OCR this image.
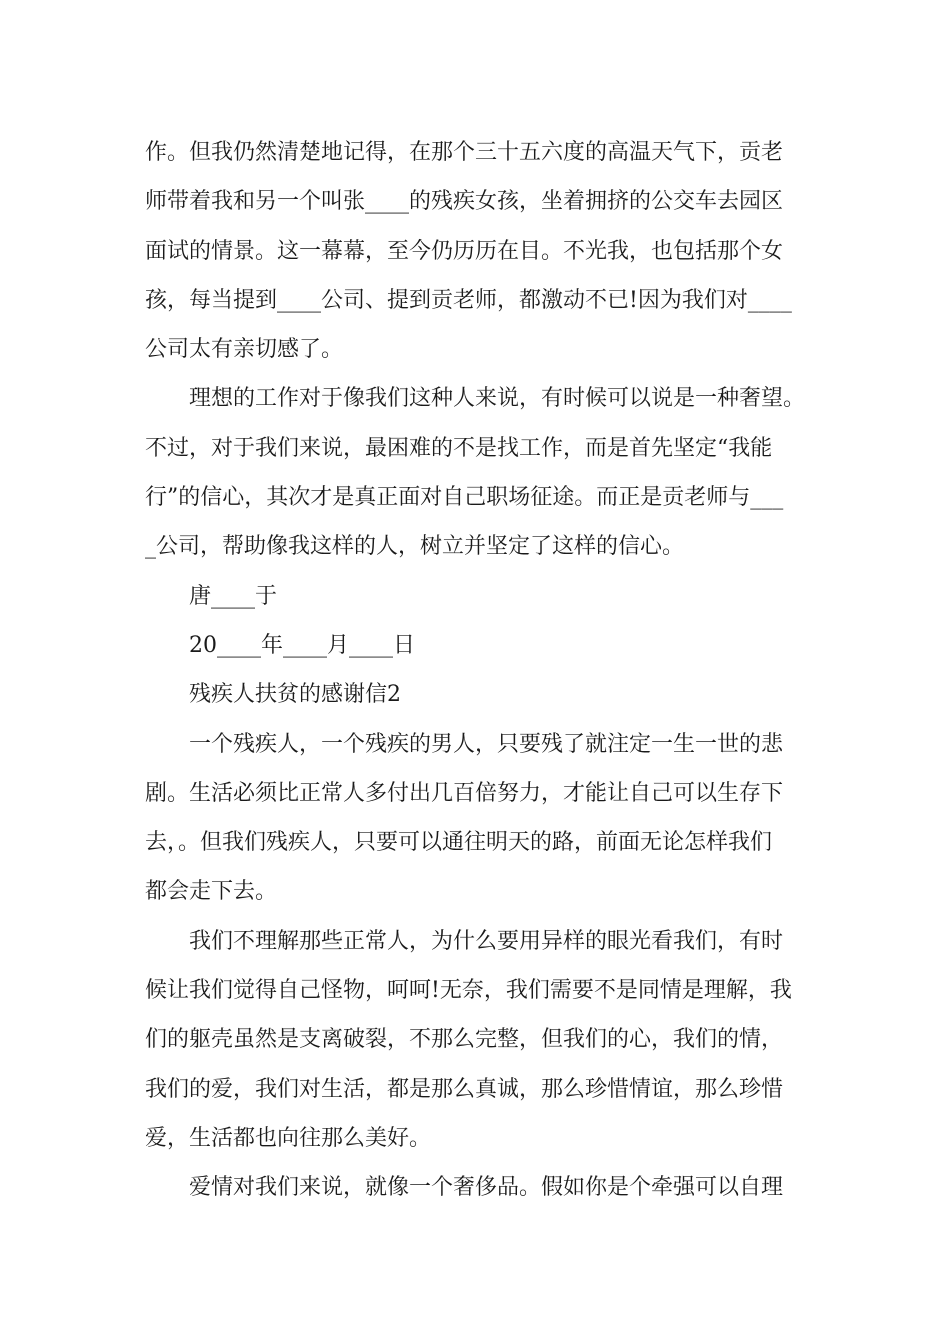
作。但我仍然清楚地记得，在那个三十五六度的高温天气下，贡老
师带着我和另一个叫张____的残疾女孩，坐着拥挤的公交车去园区
面试的情景。这一幕幕，至今仍历历在目。不光我，也包括那个女
孩，每当提到____公司、提到贡老师，都激动不已!因为我们对____
公司太有亲切感了。
理想的工作对于像我们这种人来说，有时候可以说是一种奢望。
不过，对于我们来说，最困难的不是找工作，而是首先坚定“我能
行”的信心，其次才是真正面对自己职场征途。而正是贡老师与___
_公司，帮助像我这样的人，树立并坚定了这样的信心。
唐____于
20____年____月____日
残疾人扶贫的感谢信2
一个残疾人，一个残疾的男人，只要残了就注定一生一世的悲
剧。生活必须比正常人多付出几百倍努力，才能让自己可以生存下
去，。但我们残疾人，只要可以通往明天的路，前面无论怎样我们
都会走下去。
我们不理解那些正常人，为什么要用异样的眼光看我们，有时
候让我们觉得自己怪物，呵呵!无奈，我们需要不是同情是理解，我
们的躯壳虽然是支离破裂，不那么完整，但我们的心，我们的情，
我们的爱，我们对生活，都是那么真诚，那么珍惜情谊，那么珍惜
爱，生活都也向往那么美好。
爱情对我们来说，就像一个奢侈品。假如你是个牵强可以自理
